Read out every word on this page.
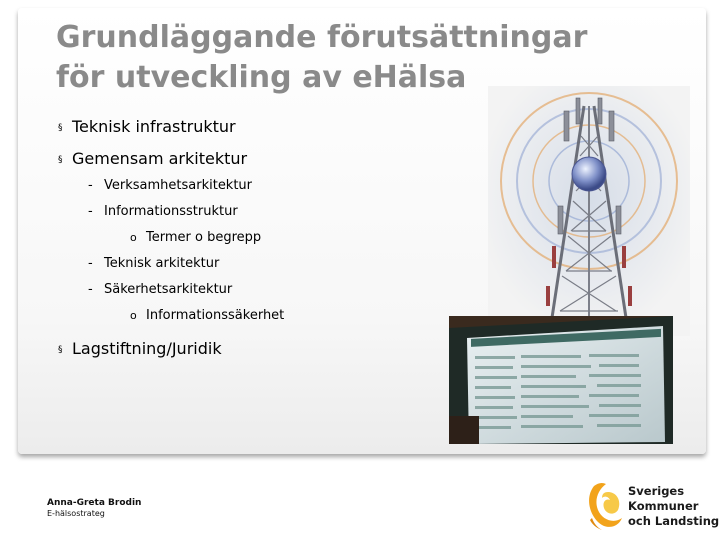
Grundläggande förutsättningar
för utveckling av eHälsa
§ Teknisk infrastruktur
§ Gemensam arkitektur
- Verksamhetsarkitektur
- Informationsstruktur
o Termer o begrepp
- Teknisk arkitektur
- Säkerhetsarkitektur
o Informationssäkerhet
§ Lagstiftning/Juridik
Anna-Greta Brodin
E-hälsostrateg
Sveriges
Kommuner
och Landsting
